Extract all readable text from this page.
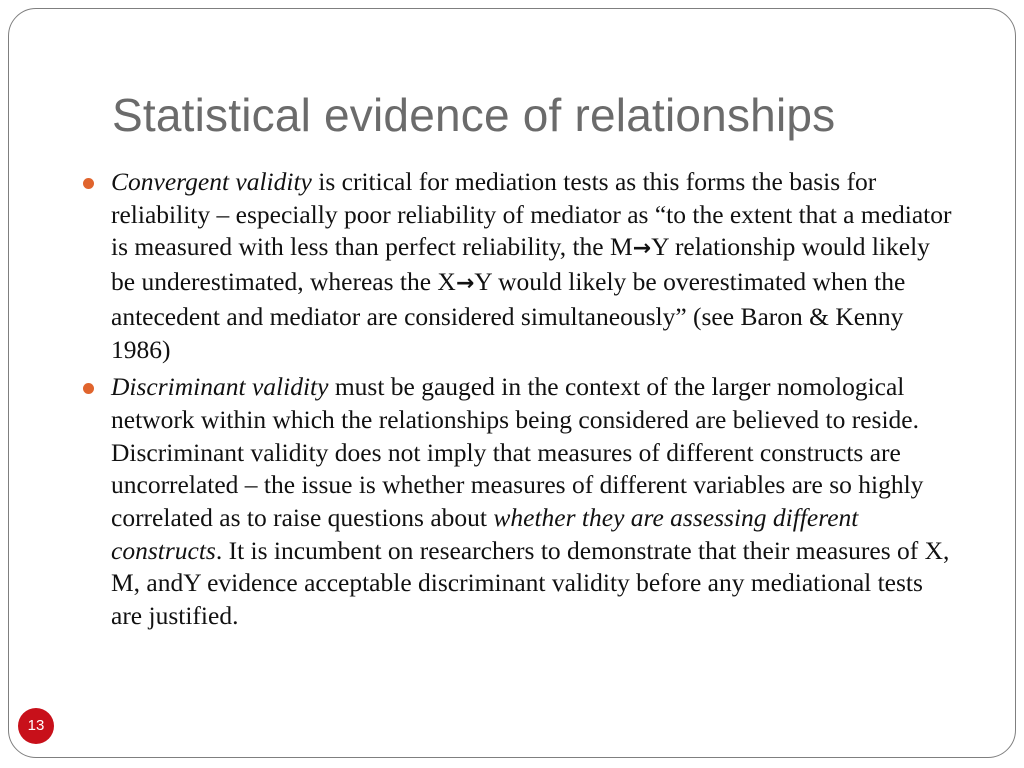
Statistical evidence of relationships
Convergent validity is critical for mediation tests as this forms the basis for reliability – especially poor reliability of mediator as “to the extent that a mediator is measured with less than perfect reliability, the M→Y relationship would likely be underestimated, whereas the X→Y would likely be overestimated when the antecedent and mediator are considered simultaneously” (see Baron & Kenny 1986)
Discriminant validity must be gauged in the context of the larger nomological network within which the relationships being considered are believed to reside. Discriminant validity does not imply that measures of different constructs are uncorrelated – the issue is whether measures of different variables are so highly correlated as to raise questions about whether they are assessing different constructs. It is incumbent on researchers to demonstrate that their measures of X, M, andY evidence acceptable discriminant validity before any mediational tests are justified.
13
